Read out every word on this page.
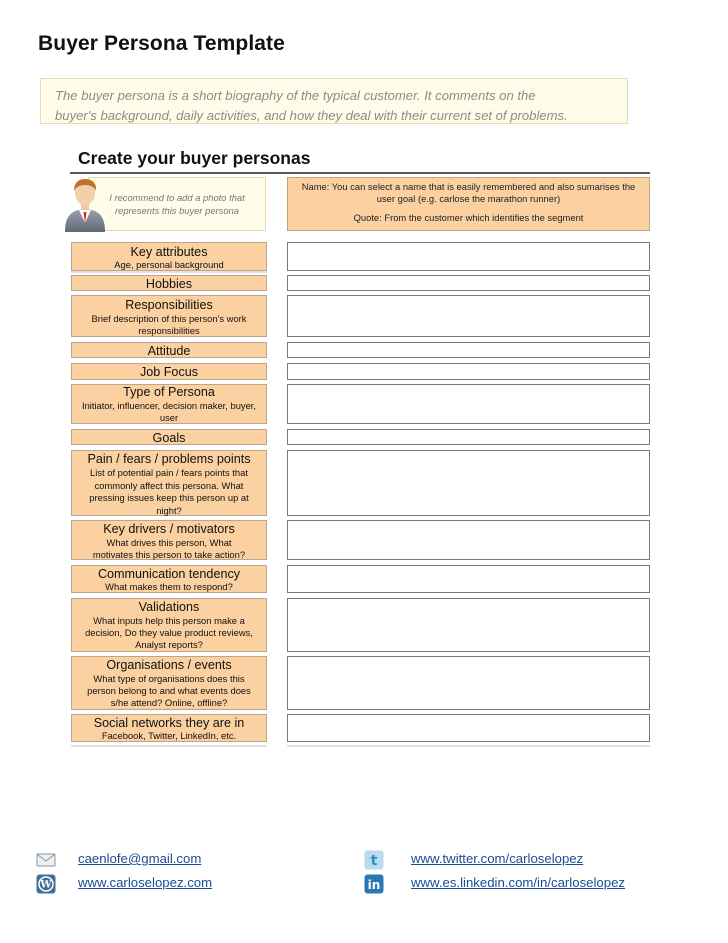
Buyer Persona Template
The buyer persona is a short biography of the typical customer. It comments on the
buyer's background, daily activities, and how they deal with their current set of problems.
Create your buyer personas
I recommend to add a photo that
represents this buyer persona
Name: You can select a name that is easily remembered and also sumarises the
user goal (e.g. carlose the marathon runner)
Quote: From the customer which identifies the segment
Key attributes
Age, personal background
Hobbies
Responsibilities
Brief description of this person's work responsibilities
Attitude
Job Focus
Type of Persona
Initiator, influencer, decision maker, buyer, user
Goals
Pain / fears / problems points
List of potential pain / fears points that commonly affect this persona. What pressing issues keep this person up at night?
Key drivers / motivators
What drives this person, What motivates this person to take action?
Communication tendency
What makes them to respond?
Validations
What inputs help this person make a decision, Do they value product reviews, Analyst reports?
Organisations / events
What type of organisations does this person belong to and what events does s/he attend? Online, offline?
Social networks they are in
Facebook, Twitter, LinkedIn, etc.
caenlofe@gmail.com
W www.carloselopez.com
t	www.twitter.com/carloselopez
in www.es.linkedin.com/in/carloselopez
